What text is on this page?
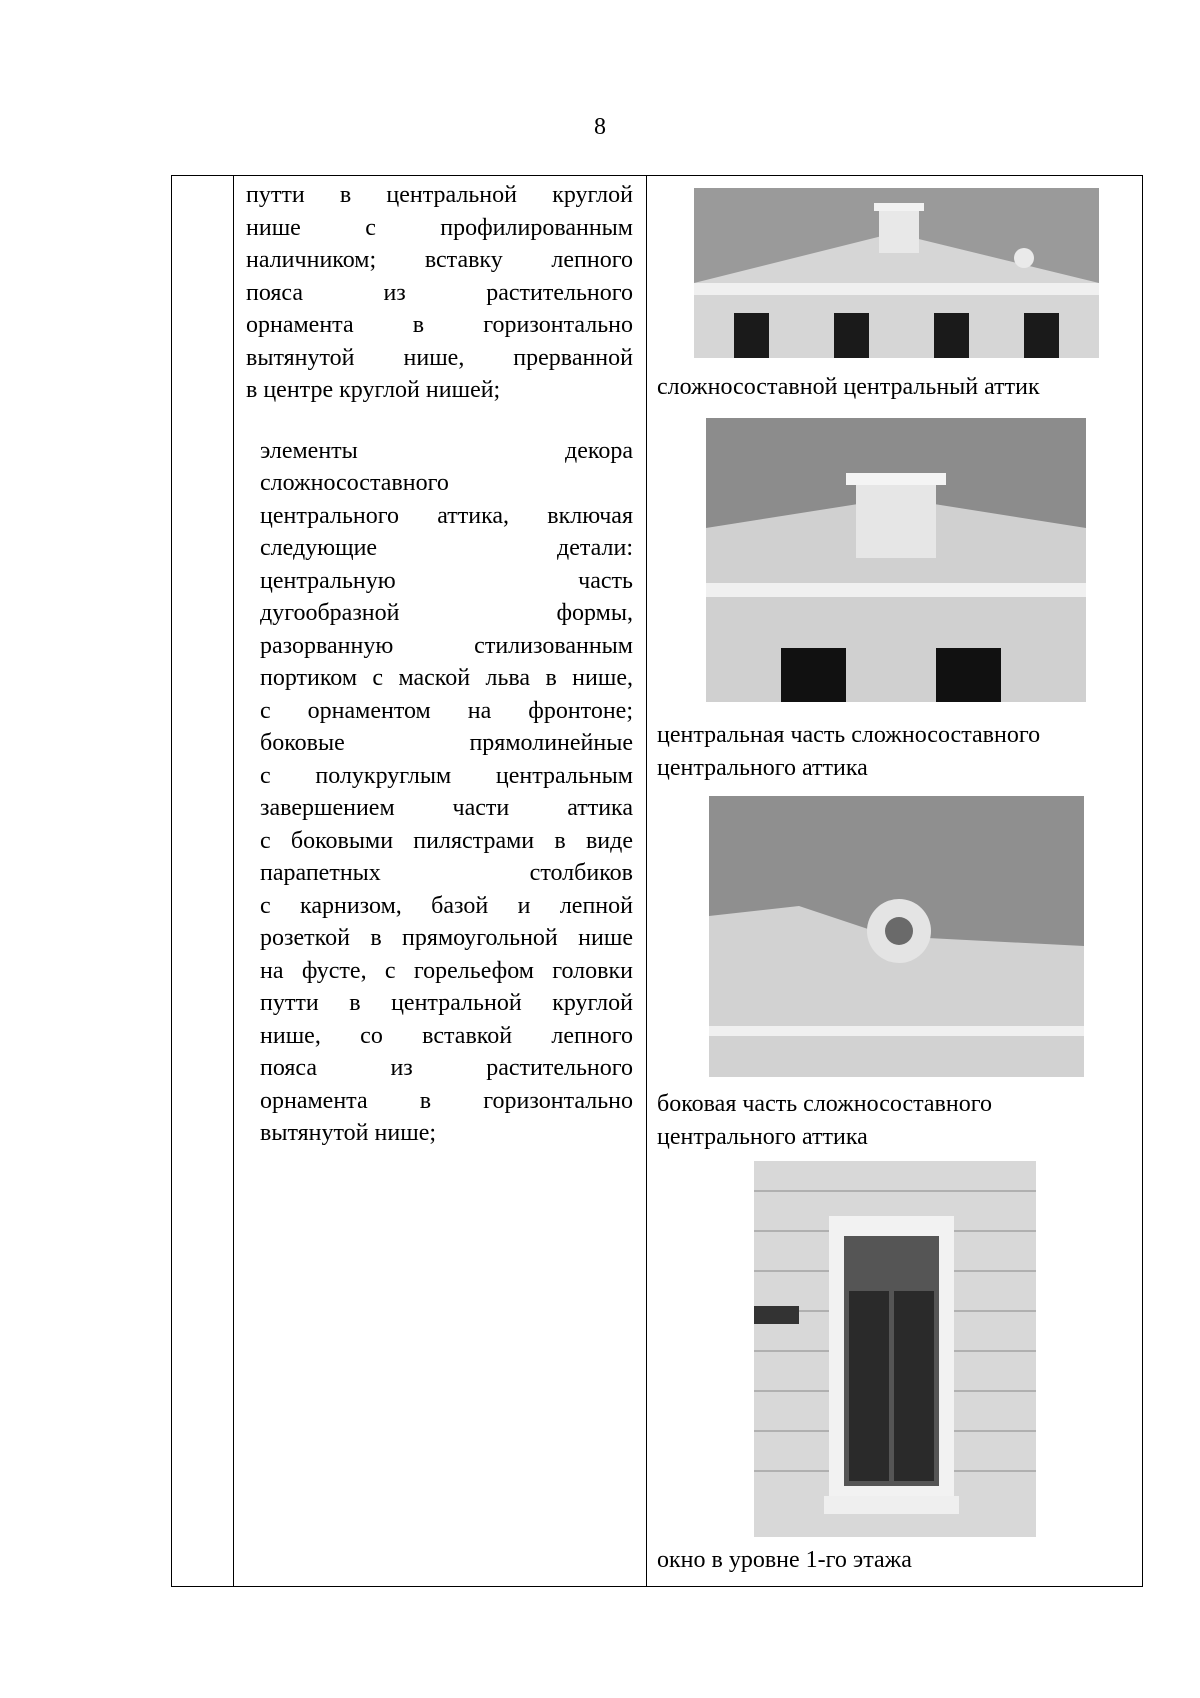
8

путти в центральной круглой
нише с профилированным
наличником; вставку лепного
пояса из растительного
орнамента в горизонтально
вытянутой нише, прерванной
в центре круглой нишей;

элементы декора
сложносоставного
центрального аттика, включая
следующие детали:
центральную часть
дугообразной формы,
разорванную стилизованным
портиком с маской льва в нише,
с орнаментом на фронтоне;
боковые прямолинейные
с полукруглым центральным
завершением части аттика
с боковыми пилястрами в виде
парапетных столбиков
с карнизом, базой и лепной
розеткой в прямоугольной нише
на фусте, с горельефом головки
путти в центральной круглой
нише, со вставкой лепного
пояса из растительного
орнамента в горизонтально
вытянутой нише;

сложносоставной центральный аттик
центральная часть сложносоставного
центрального аттика
боковая часть сложносоставного
центрального аттика
окно в уровне 1-го этажа
